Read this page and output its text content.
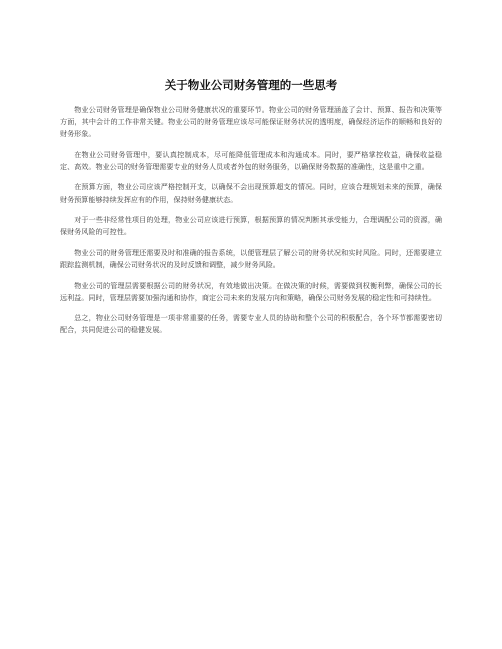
关于物业公司财务管理的一些思考

物业公司财务管理是确保物业公司财务健康状况的重要环节。物业公司的财务管理涵盖了会计、预算、报告和决策等方面，其中会计的工作非常关键。物业公司的财务管理应该尽可能保证财务状况的透明度，确保经济运作的顺畅和良好的财务形象。

在物业公司财务管理中，要认真控制成本，尽可能降低管理成本和沟通成本。同时，要严格掌控收益，确保收益稳定、高效。物业公司的财务管理需要专业的财务人员或者外包的财务服务，以确保财务数据的准确性，这是重中之重。

在预算方面，物业公司应该严格控制开支，以确保不会出现预算超支的情况。同时，应该合理规划未来的预算，确保财务预算能够持续发挥应有的作用，保持财务健康状态。

对于一些非经常性项目的处理，物业公司应该进行预算，根据预算的情况判断其承受能力，合理调配公司的资源，确保财务风险的可控性。

物业公司的财务管理还需要及时和准确的报告系统，以便管理层了解公司的财务状况和实时风险。同时，还需要建立跟踪监测机制，确保公司财务状况的及时反馈和调整，减少财务风险。

物业公司的管理层需要根据公司的财务状况，有效地做出决策。在做决策的时候，需要做到权衡利弊，确保公司的长远利益。同时，管理层需要加强沟通和协作，商定公司未来的发展方向和策略，确保公司财务发展的稳定性和可持续性。

总之，物业公司财务管理是一项非常重要的任务，需要专业人员的协助和整个公司的积极配合，各个环节都需要密切配合，共同促进公司的稳健发展。
